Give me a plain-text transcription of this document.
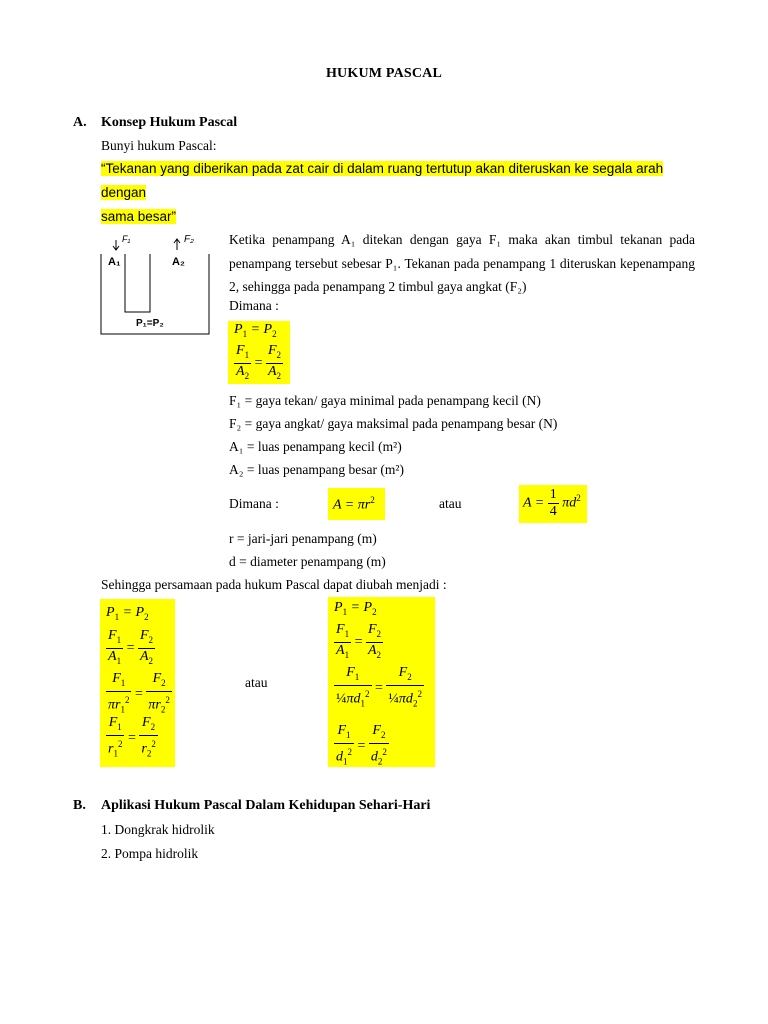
HUKUM PASCAL
A. Konsep Hukum Pascal
Bunyi hukum Pascal:
“Tekanan yang diberikan pada zat cair di dalam ruang tertutup akan diteruskan ke segala arah dengan
sama besar”
F₁	F₂
A₁	A₂
P₁=P₂
Ketika penampang A₁ ditekan dengan gaya F₁ maka akan timbul tekanan pada penampang tersebut sebesar P₁. Tekanan pada penampang 1 diteruskan kepenampang 2, sehingga pada penampang 2 timbul gaya angkat (F₂)
Dimana :
$P_1 = P_2$
$\frac{F_1}{A_2} = \frac{F_2}{A_2}$
F₁ = gaya tekan/ gaya minimal pada penampang kecil (N)
F₂ = gaya angkat/ gaya maksimal pada penampang besar (N)
A₁ = luas penampang kecil (m²)
A₂ = luas penampang besar (m²)
Dimana :	$A = \pi r^2$	atau	$A = \frac{1}{4} \pi d^2$
r = jari-jari penampang (m)
d = diameter penampang (m)
Sehingga persamaan pada hukum Pascal dapat diubah menjadi :
$P_1 = P_2$
$\frac{F_1}{A_1} = \frac{F_2}{A_2}$
$\frac{F_1}{\pi r_1^2} = \frac{F_2}{\pi r_2^2}$
$\frac{F_1}{r_1^2} = \frac{F_2}{r_2^2}$
atau
$P_1 = P_2$
$\frac{F_1}{A_1} = \frac{F_2}{A_2}$
$\frac{F_1}{\frac{1}{4}\pi d_1^2} = \frac{F_2}{\frac{1}{4}\pi d_2^2}$
$\frac{F_1}{d_1^2} = \frac{F_2}{d_2^2}$
B. Aplikasi Hukum Pascal Dalam Kehidupan Sehari-Hari
1. Dongkrak hidrolik
2. Pompa hidrolik
